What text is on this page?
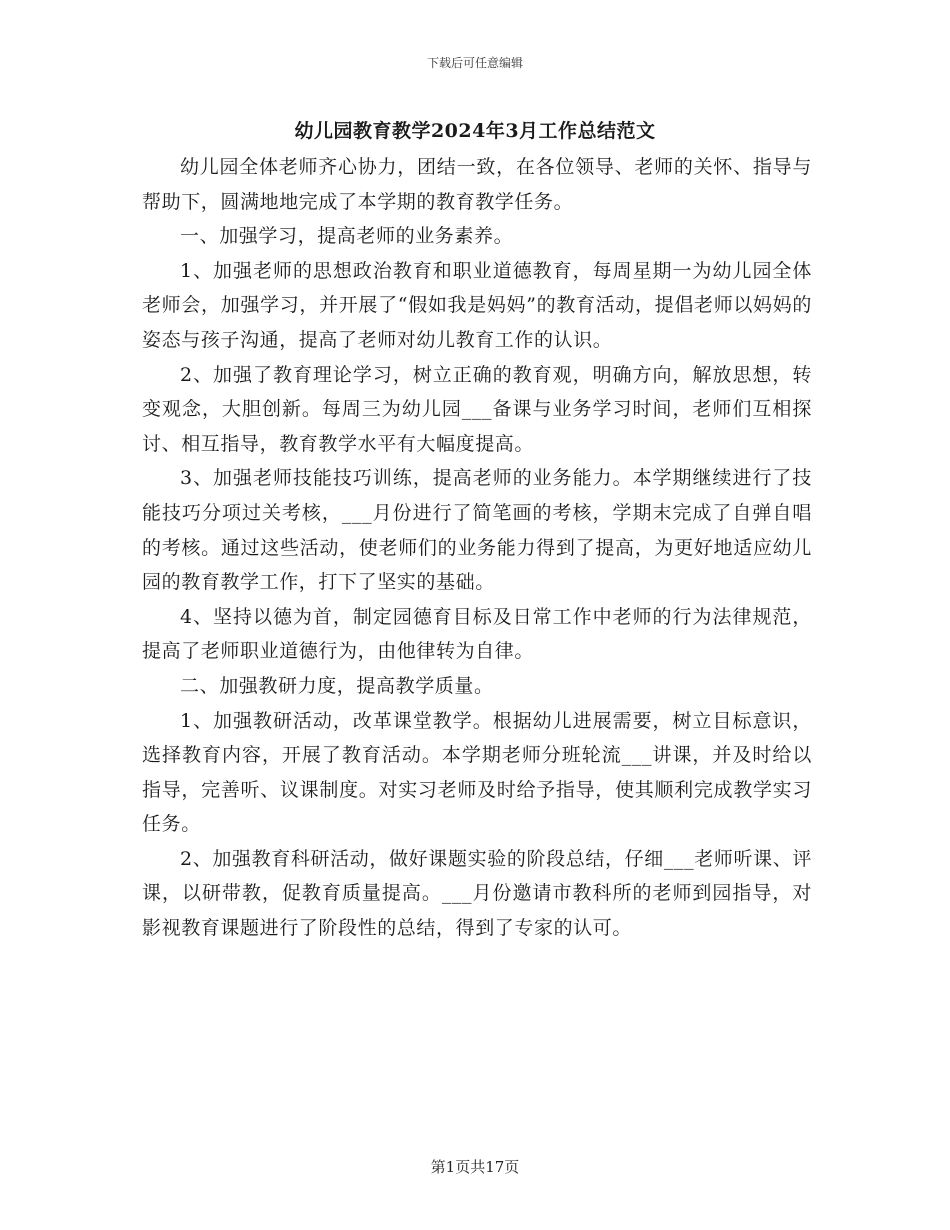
下载后可任意编辑
幼儿园教育教学2024年3月工作总结范文

幼儿园全体老师齐心协力，团结一致，在各位领导、老师的关怀、指导与帮助下，圆满地地完成了本学期的教育教学任务。

一、加强学习，提高老师的业务素养。

1、加强老师的思想政治教育和职业道德教育，每周星期一为幼儿园全体老师会，加强学习，并开展了“假如我是妈妈”的教育活动，提倡老师以妈妈的姿态与孩子沟通，提高了老师对幼儿教育工作的认识。

2、加强了教育理论学习，树立正确的教育观，明确方向，解放思想，转变观念，大胆创新。每周三为幼儿园___备课与业务学习时间，老师们互相探讨、相互指导，教育教学水平有大幅度提高。

3、加强老师技能技巧训练，提高老师的业务能力。本学期继续进行了技能技巧分项过关考核，___月份进行了简笔画的考核，学期末完成了自弹自唱的考核。通过这些活动，使老师们的业务能力得到了提高，为更好地适应幼儿园的教育教学工作，打下了坚实的基础。

4、坚持以德为首，制定园德育目标及日常工作中老师的行为法律规范，提高了老师职业道德行为，由他律转为自律。

二、加强教研力度，提高教学质量。

1、加强教研活动，改革课堂教学。根据幼儿进展需要，树立目标意识，选择教育内容，开展了教育活动。本学期老师分班轮流___讲课，并及时给以指导，完善听、议课制度。对实习老师及时给予指导，使其顺利完成教学实习任务。

2、加强教育科研活动，做好课题实验的阶段总结，仔细___老师听课、评课，以研带教，促教育质量提高。___月份邀请市教科所的老师到园指导，对影视教育课题进行了阶段性的总结，得到了专家的认可。

第1页共17页
